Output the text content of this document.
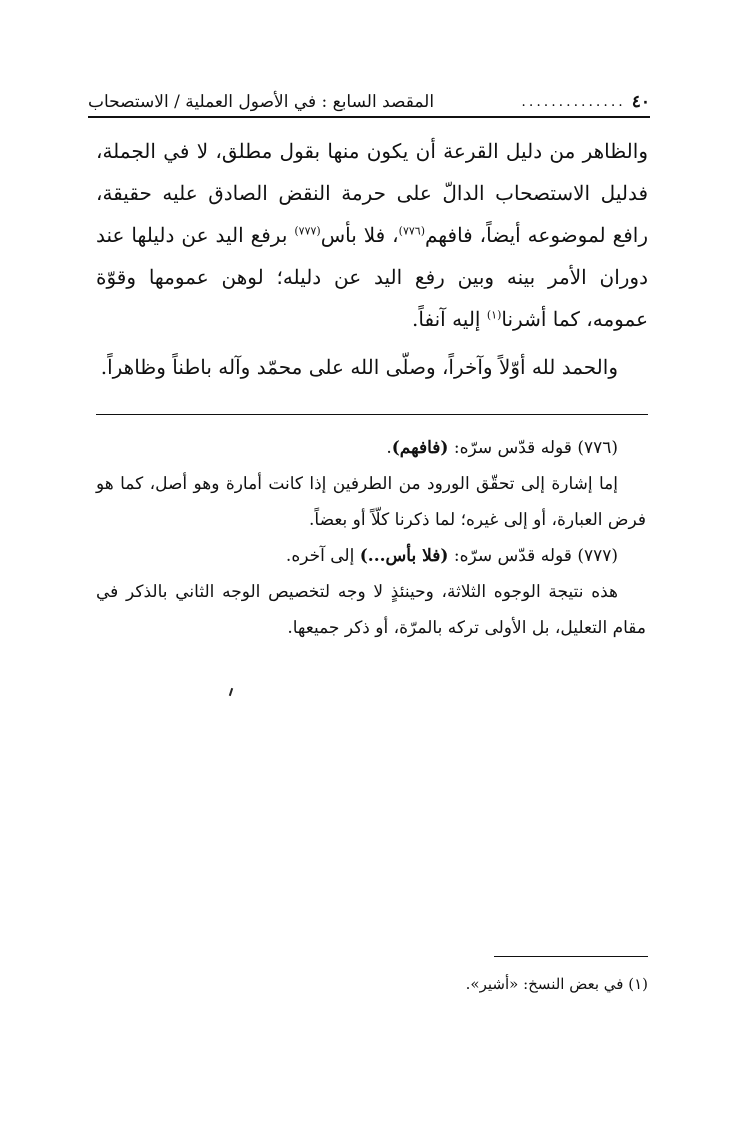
٤٠
..............
المقصد السابع : في الأصول العملية / الاستصحاب

والظاهر من دليل القرعة أن يكون منها بقول مطلق، لا في الجملة، فدليل الاستصحاب الدالّ على حرمة النقض الصادق عليه حقيقة، رافع لموضوعه أيضاً، فافهم$^{(٧٧٦)}$، فلا بأس$^{(٧٧٧)}$ برفع اليد عن دليلها عند دوران الأمر بينه وبين رفع اليد عن دليله؛ لوهن عمومها وقوّة عمومه، كما أشرنا$^{(١)}$ إليه آنفاً.

والحمد لله أوّلاً وآخراً، وصلّى الله على محمّد وآله باطناً وظاهراً.

(٧٧٦) قوله قدّس سرّه: (فافهم).

إما إشارة إلى تحقّق الورود من الطرفين إذا كانت أمارة وهو أصل، كما هو فرض العبارة، أو إلى غيره؛ لما ذكرنا كلّاً أو بعضاً.

(٧٧٧) قوله قدّس سرّه: (فلا بأس...) إلى آخره.

هذه نتيجة الوجوه الثلاثة، وحينئذٍ لا وجه لتخصيص الوجه الثاني بالذكر في مقام التعليل، بل الأولى تركه بالمرّة، أو ذكر جميعها.

(١) في بعض النسخ: «أشير».
